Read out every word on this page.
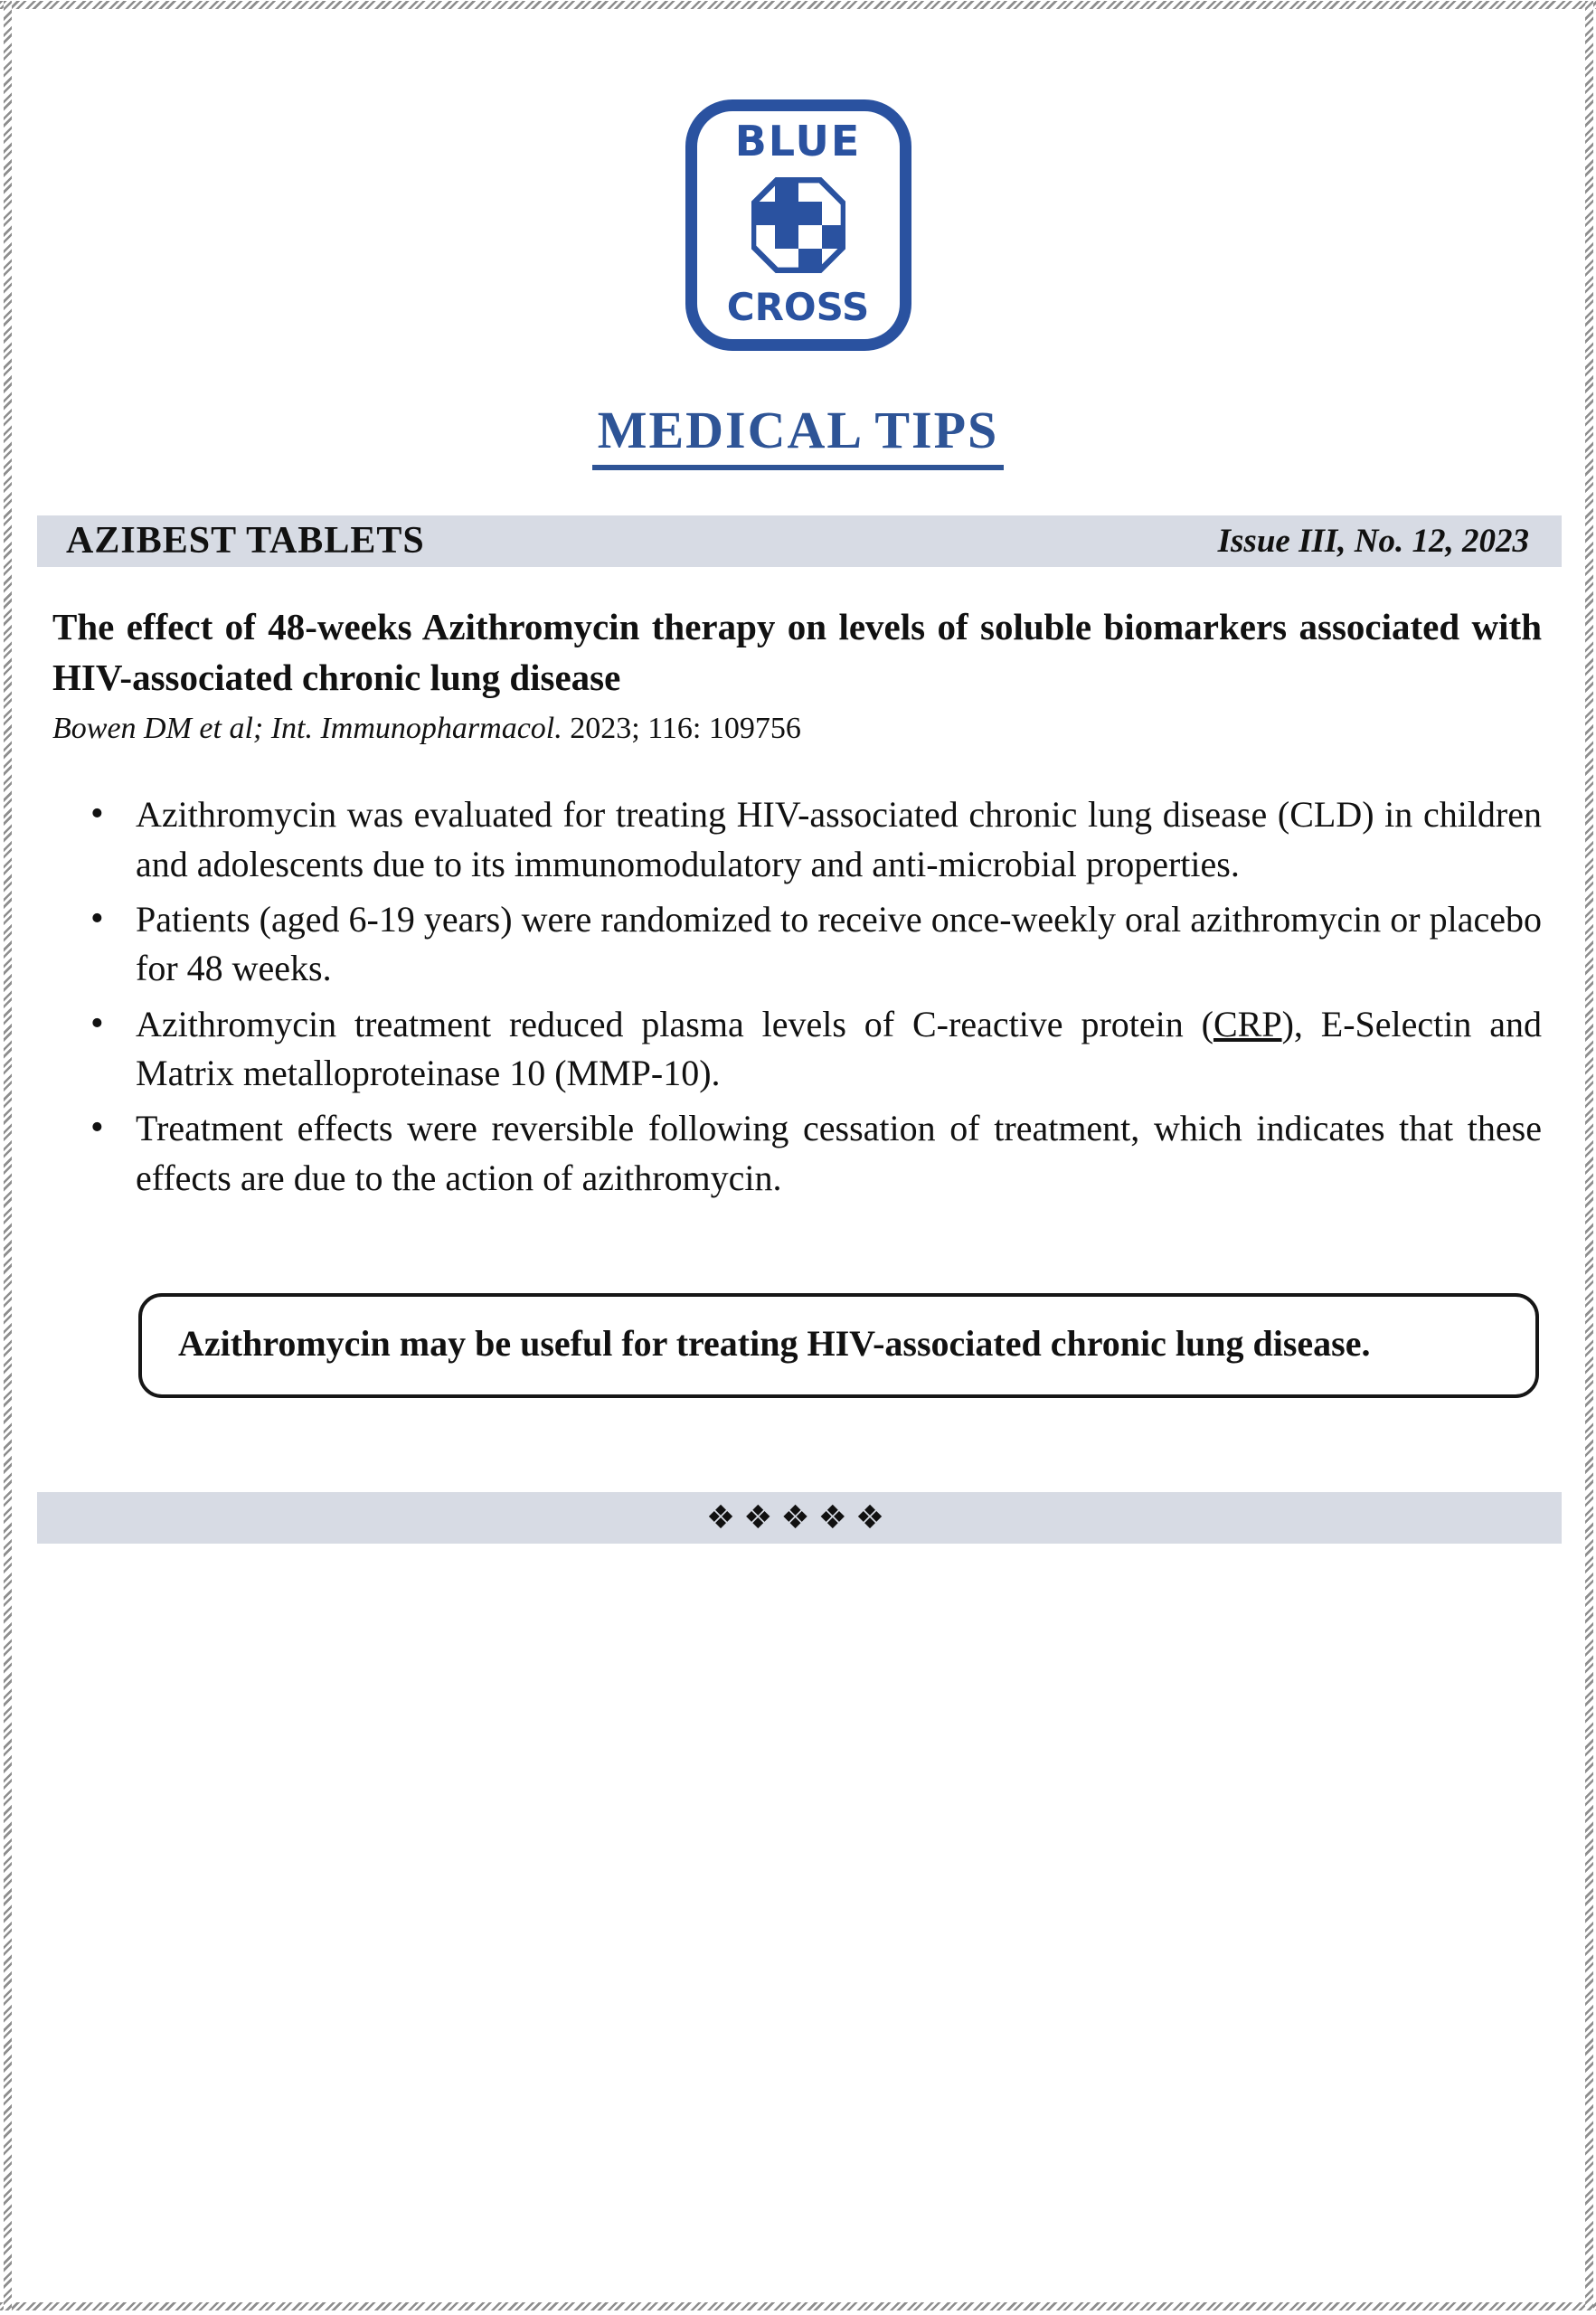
BLUE
CROSS
MEDICAL TIPS
AZIBEST TABLETS	Issue III, No. 12, 2023
The effect of 48-weeks Azithromycin therapy on levels of soluble biomarkers associated with HIV-associated chronic lung disease

Bowen DM et al; Int. Immunopharmacol. 2023; 116: 109756

• Azithromycin was evaluated for treating HIV-associated chronic lung disease (CLD) in children and adolescents due to its immunomodulatory and anti-microbial properties.
• Patients (aged 6-19 years) were randomized to receive once-weekly oral azithromycin or placebo for 48 weeks.
• Azithromycin treatment reduced plasma levels of C-reactive protein (CRP), E-Selectin and Matrix metalloproteinase 10 (MMP-10).
• Treatment effects were reversible following cessation of treatment, which indicates that these effects are due to the action of azithromycin.
Azithromycin may be useful for treating HIV-associated chronic lung disease.
❖❖❖❖❖
